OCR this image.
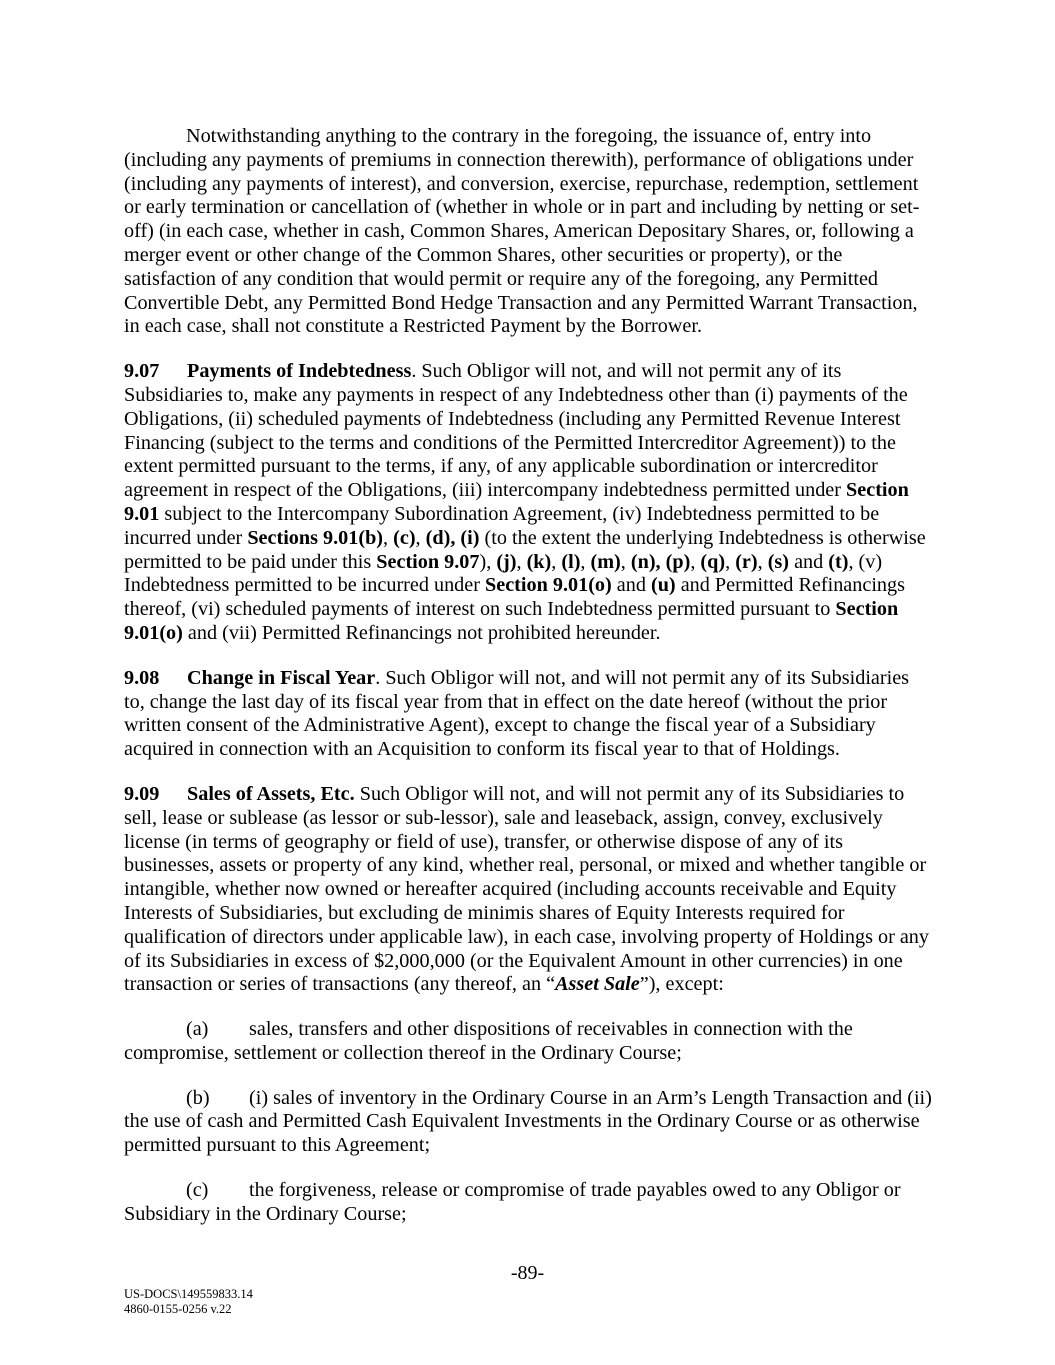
Notwithstanding anything to the contrary in the foregoing, the issuance of, entry into (including any payments of premiums in connection therewith), performance of obligations under (including any payments of interest), and conversion, exercise, repurchase, redemption, settlement or early termination or cancellation of (whether in whole or in part and including by netting or set-off) (in each case, whether in cash, Common Shares, American Depositary Shares, or, following a merger event or other change of the Common Shares, other securities or property), or the satisfaction of any condition that would permit or require any of the foregoing, any Permitted Convertible Debt, any Permitted Bond Hedge Transaction and any Permitted Warrant Transaction, in each case, shall not constitute a Restricted Payment by the Borrower.

9.07 Payments of Indebtedness. Such Obligor will not, and will not permit any of its Subsidiaries to, make any payments in respect of any Indebtedness other than (i) payments of the Obligations, (ii) scheduled payments of Indebtedness (including any Permitted Revenue Interest Financing (subject to the terms and conditions of the Permitted Intercreditor Agreement)) to the extent permitted pursuant to the terms, if any, of any applicable subordination or intercreditor agreement in respect of the Obligations, (iii) intercompany indebtedness permitted under Section 9.01 subject to the Intercompany Subordination Agreement, (iv) Indebtedness permitted to be incurred under Sections 9.01(b), (c), (d), (i) (to the extent the underlying Indebtedness is otherwise permitted to be paid under this Section 9.07), (j), (k), (l), (m), (n), (p), (q), (r), (s) and (t), (v) Indebtedness permitted to be incurred under Section 9.01(o) and (u) and Permitted Refinancings thereof, (vi) scheduled payments of interest on such Indebtedness permitted pursuant to Section 9.01(o) and (vii) Permitted Refinancings not prohibited hereunder.

9.08 Change in Fiscal Year. Such Obligor will not, and will not permit any of its Subsidiaries to, change the last day of its fiscal year from that in effect on the date hereof (without the prior written consent of the Administrative Agent), except to change the fiscal year of a Subsidiary acquired in connection with an Acquisition to conform its fiscal year to that of Holdings.

9.09 Sales of Assets, Etc. Such Obligor will not, and will not permit any of its Subsidiaries to sell, lease or sublease (as lessor or sub-lessor), sale and leaseback, assign, convey, exclusively license (in terms of geography or field of use), transfer, or otherwise dispose of any of its businesses, assets or property of any kind, whether real, personal, or mixed and whether tangible or intangible, whether now owned or hereafter acquired (including accounts receivable and Equity Interests of Subsidiaries, but excluding de minimis shares of Equity Interests required for qualification of directors under applicable law), in each case, involving property of Holdings or any of its Subsidiaries in excess of $2,000,000 (or the Equivalent Amount in other currencies) in one transaction or series of transactions (any thereof, an “Asset Sale”), except:

(a) sales, transfers and other dispositions of receivables in connection with the compromise, settlement or collection thereof in the Ordinary Course;

(b) (i) sales of inventory in the Ordinary Course in an Arm’s Length Transaction and (ii) the use of cash and Permitted Cash Equivalent Investments in the Ordinary Course or as otherwise permitted pursuant to this Agreement;

(c) the forgiveness, release or compromise of trade payables owed to any Obligor or Subsidiary in the Ordinary Course;

-89-
US-DOCS\149559833.14
4860-0155-0256 v.22
